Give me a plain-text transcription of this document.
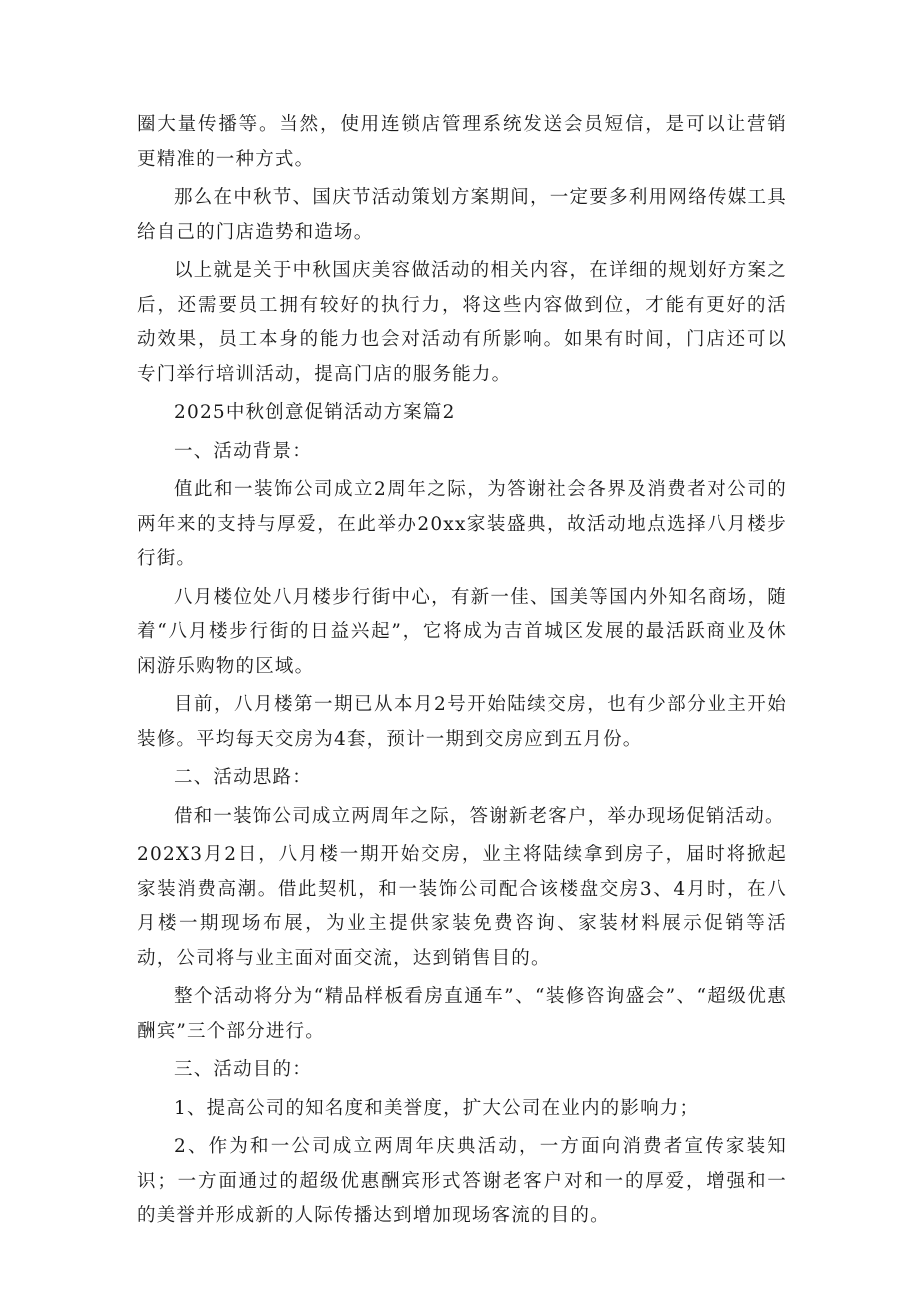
圈大量传播等。当然，使用连锁店管理系统发送会员短信，是可以让营销更精准的一种方式。

那么在中秋节、国庆节活动策划方案期间，一定要多利用网络传媒工具给自己的门店造势和造场。

以上就是关于中秋国庆美容做活动的相关内容，在详细的规划好方案之后，还需要员工拥有较好的执行力，将这些内容做到位，才能有更好的活动效果，员工本身的能力也会对活动有所影响。如果有时间，门店还可以专门举行培训活动，提高门店的服务能力。

2025中秋创意促销活动方案篇2

一、活动背景：

值此和一装饰公司成立2周年之际，为答谢社会各界及消费者对公司的两年来的支持与厚爱，在此举办20xx家装盛典，故活动地点选择八月楼步行街。

八月楼位处八月楼步行街中心，有新一佳、国美等国内外知名商场，随着“八月楼步行街的日益兴起”，它将成为吉首城区发展的最活跃商业及休闲游乐购物的区域。

目前，八月楼第一期已从本月2号开始陆续交房，也有少部分业主开始装修。平均每天交房为4套，预计一期到交房应到五月份。

二、活动思路：

借和一装饰公司成立两周年之际，答谢新老客户，举办现场促销活动。

202X3月2日，八月楼一期开始交房，业主将陆续拿到房子，届时将掀起家装消费高潮。借此契机，和一装饰公司配合该楼盘交房3、4月时，在八月楼一期现场布展，为业主提供家装免费咨询、家装材料展示促销等活动，公司将与业主面对面交流，达到销售目的。

整个活动将分为“精品样板看房直通车”、“装修咨询盛会”、“超级优惠酬宾”三个部分进行。

三、活动目的：

1、提高公司的知名度和美誉度，扩大公司在业内的影响力；

2、作为和一公司成立两周年庆典活动，一方面向消费者宣传家装知识；一方面通过的超级优惠酬宾形式答谢老客户对和一的厚爱，增强和一的美誉并形成新的人际传播达到增加现场客流的目的。
